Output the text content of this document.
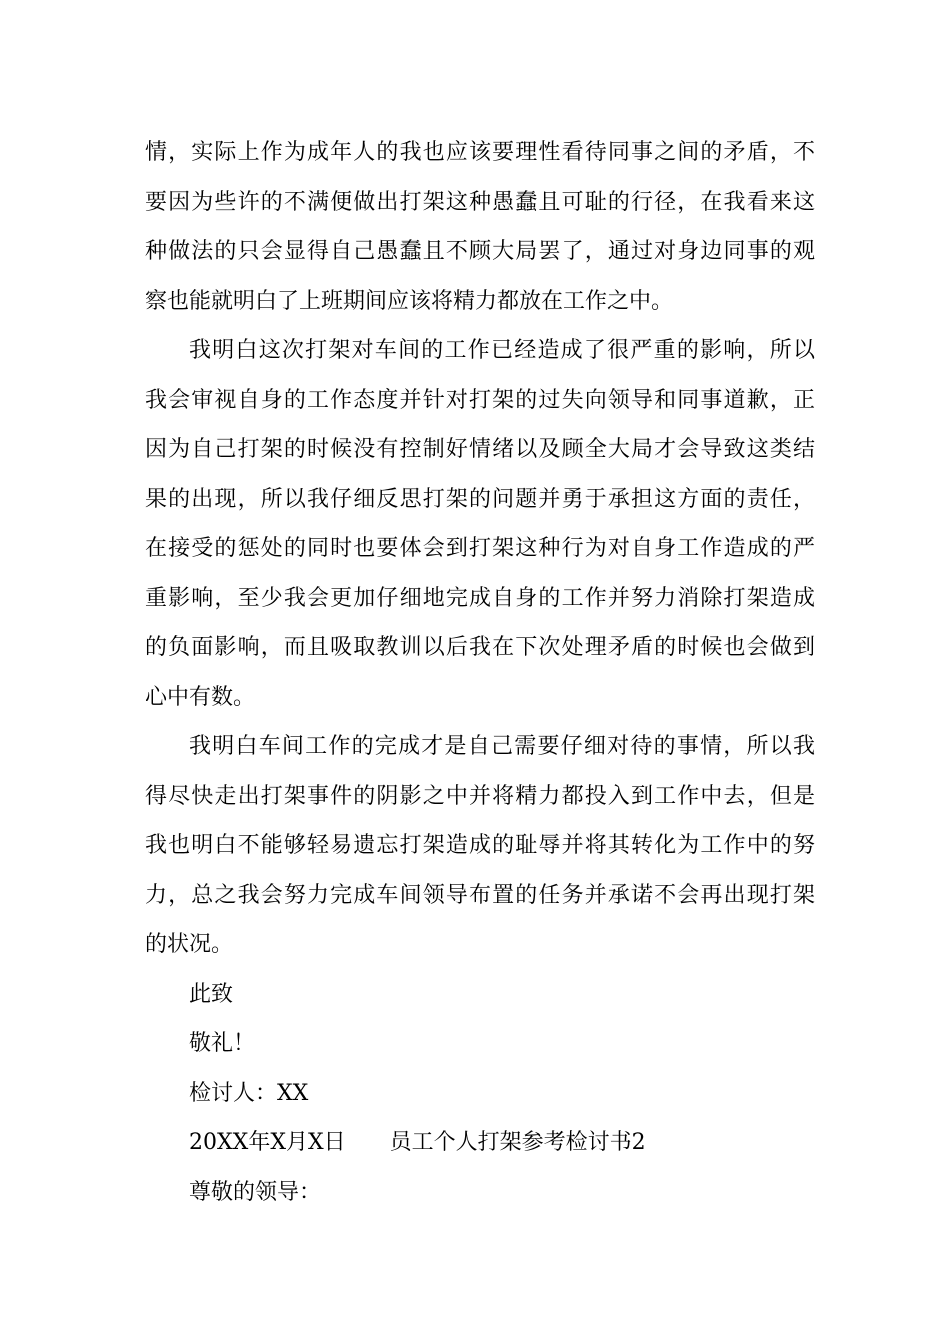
情，实际上作为成年人的我也应该要理性看待同事之间的矛盾，不
要因为些许的不满便做出打架这种愚蠢且可耻的行径，在我看来这
种做法的只会显得自己愚蠢且不顾大局罢了，通过对身边同事的观
察也能就明白了上班期间应该将精力都放在工作之中。
我明白这次打架对车间的工作已经造成了很严重的影响，所以
我会审视自身的工作态度并针对打架的过失向领导和同事道歉，正
因为自己打架的时候没有控制好情绪以及顾全大局才会导致这类结
果的出现，所以我仔细反思打架的问题并勇于承担这方面的责任，
在接受的惩处的同时也要体会到打架这种行为对自身工作造成的严
重影响，至少我会更加仔细地完成自身的工作并努力消除打架造成
的负面影响，而且吸取教训以后我在下次处理矛盾的时候也会做到
心中有数。
我明白车间工作的完成才是自己需要仔细对待的事情，所以我
得尽快走出打架事件的阴影之中并将精力都投入到工作中去，但是
我也明白不能够轻易遗忘打架造成的耻辱并将其转化为工作中的努
力，总之我会努力完成车间领导布置的任务并承诺不会再出现打架
的状况。
此致
敬礼！
检讨人：XX
20XX年X月X日 员工个人打架参考检讨书2
尊敬的领导：
